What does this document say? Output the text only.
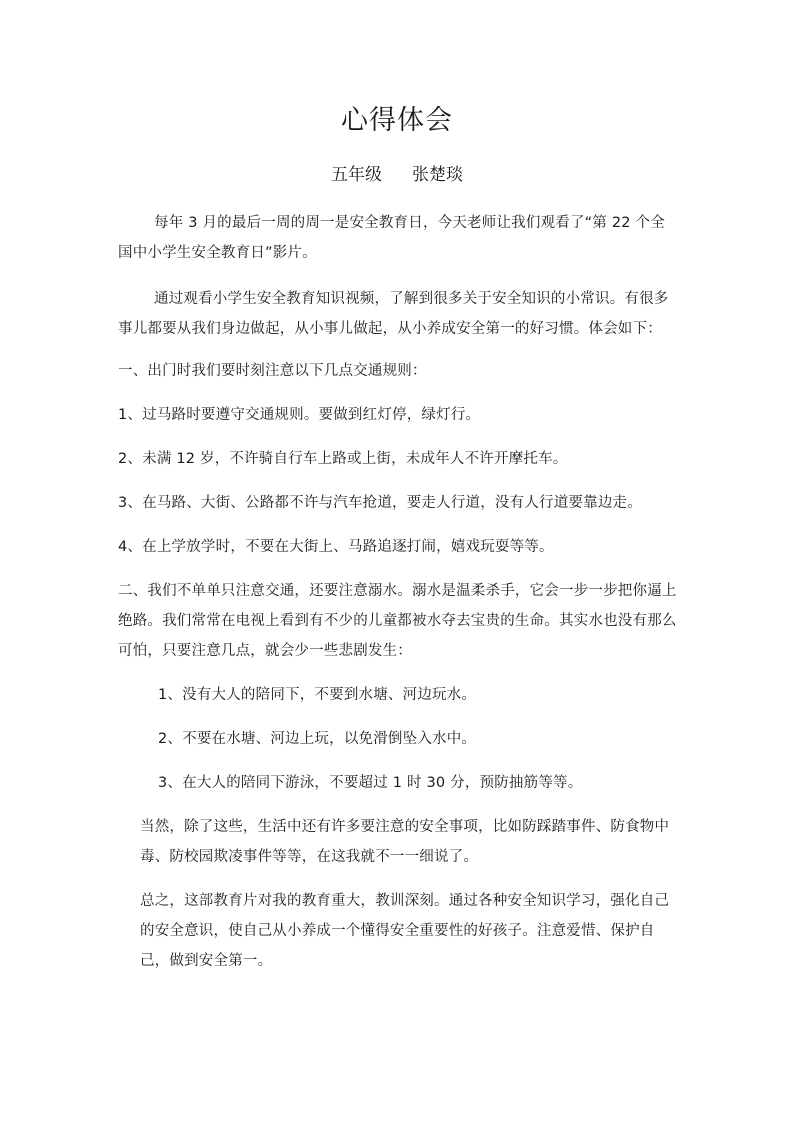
心得体会
五年级 张楚琰

每年 3 月的最后一周的周一是安全教育日，今天老师让我们观看了“第 22 个全国中小学生安全教育日”影片。

通过观看小学生安全教育知识视频，了解到很多关于安全知识的小常识。有很多事儿都要从我们身边做起，从小事儿做起，从小养成安全第一的好习惯。体会如下：

一、出门时我们要时刻注意以下几点交通规则：

1、过马路时要遵守交通规则。要做到红灯停，绿灯行。

2、未满 12 岁，不许骑自行车上路或上街，未成年人不许开摩托车。

3、在马路、大街、公路都不许与汽车抢道，要走人行道，没有人行道要靠边走。

4、在上学放学时，不要在大街上、马路追逐打闹，嬉戏玩耍等等。

二、我们不单单只注意交通，还要注意溺水。溺水是温柔杀手，它会一步一步把你逼上绝路。我们常常在电视上看到有不少的儿童都被水夺去宝贵的生命。其实水也没有那么可怕，只要注意几点，就会少一些悲剧发生：

1、没有大人的陪同下，不要到水塘、河边玩水。

2、不要在水塘、河边上玩，以免滑倒坠入水中。

3、在大人的陪同下游泳，不要超过 1 时 30 分，预防抽筋等等。

当然，除了这些，生活中还有许多要注意的安全事项，比如防踩踏事件、防食物中毒、防校园欺凌事件等等，在这我就不一一细说了。

总之，这部教育片对我的教育重大，教训深刻。通过各种安全知识学习，强化自己的安全意识，使自己从小养成一个懂得安全重要性的好孩子。注意爱惜、保护自己，做到安全第一。
